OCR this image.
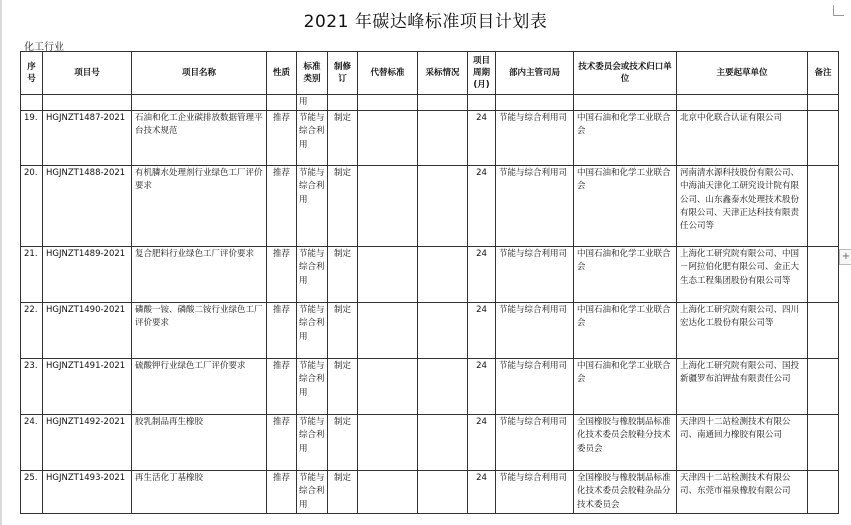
+
2021 年碳达峰标准项目计划表
化工行业
序号	项目号	项目名称	性质	标准类别	制修订	代替标准	采标情况	项目周期(月)	部内主管司局	技术委员会或技术归口单位	主要起草单位	备注
				用								
19.	HGJNZT1487-2021	石油和化工企业碳排放数据管理平台技术规范	推荐	节能与综合利用	制定			24	节能与综合利用司	中国石油和化学工业联合会	北京中化联合认证有限公司	
20.	HGJNZT1488-2021	有机膦水处理剂行业绿色工厂评价要求	推荐	节能与综合利用	制定			24	节能与综合利用司	中国石油和化学工业联合会	河南清水源科技股份有限公司、中海油天津化工研究设计院有限公司、山东鑫泰水处理技术股份有限公司、天津正达科技有限责任公司等	
21.	HGJNZT1489-2021	复合肥料行业绿色工厂评价要求	推荐	节能与综合利用	制定			24	节能与综合利用司	中国石油和化学工业联合会	上海化工研究院有限公司、中国－阿拉伯化肥有限公司、金正大生态工程集团股份有限公司等	
22.	HGJNZT1490-2021	磷酸一铵、磷酸二铵行业绿色工厂评价要求	推荐	节能与综合利用	制定			24	节能与综合利用司	中国石油和化学工业联合会	上海化工研究院有限公司、四川宏达化工股份有限公司等	
23.	HGJNZT1491-2021	硫酸钾行业绿色工厂评价要求	推荐	节能与综合利用	制定			24	节能与综合利用司	中国石油和化学工业联合会	上海化工研究院有限公司、国投新疆罗布泊钾盐有限责任公司	
24.	HGJNZT1492-2021	胶乳制品再生橡胶	推荐	节能与综合利用	制定			24	节能与综合利用司	全国橡胶与橡胶制品标准化技术委员会胶鞋分技术委员会	天津四十二站检测技术有限公司、南通回力橡胶有限公司	
25.	HGJNZT1493-2021	再生活化丁基橡胶	推荐	节能与综合利用	制定			24	节能与综合利用司	全国橡胶与橡胶制品标准化技术委员会胶鞋杂品分技术委员会	天津四十二站检测技术有限公司、东莞市福泉橡胶有限公司	
